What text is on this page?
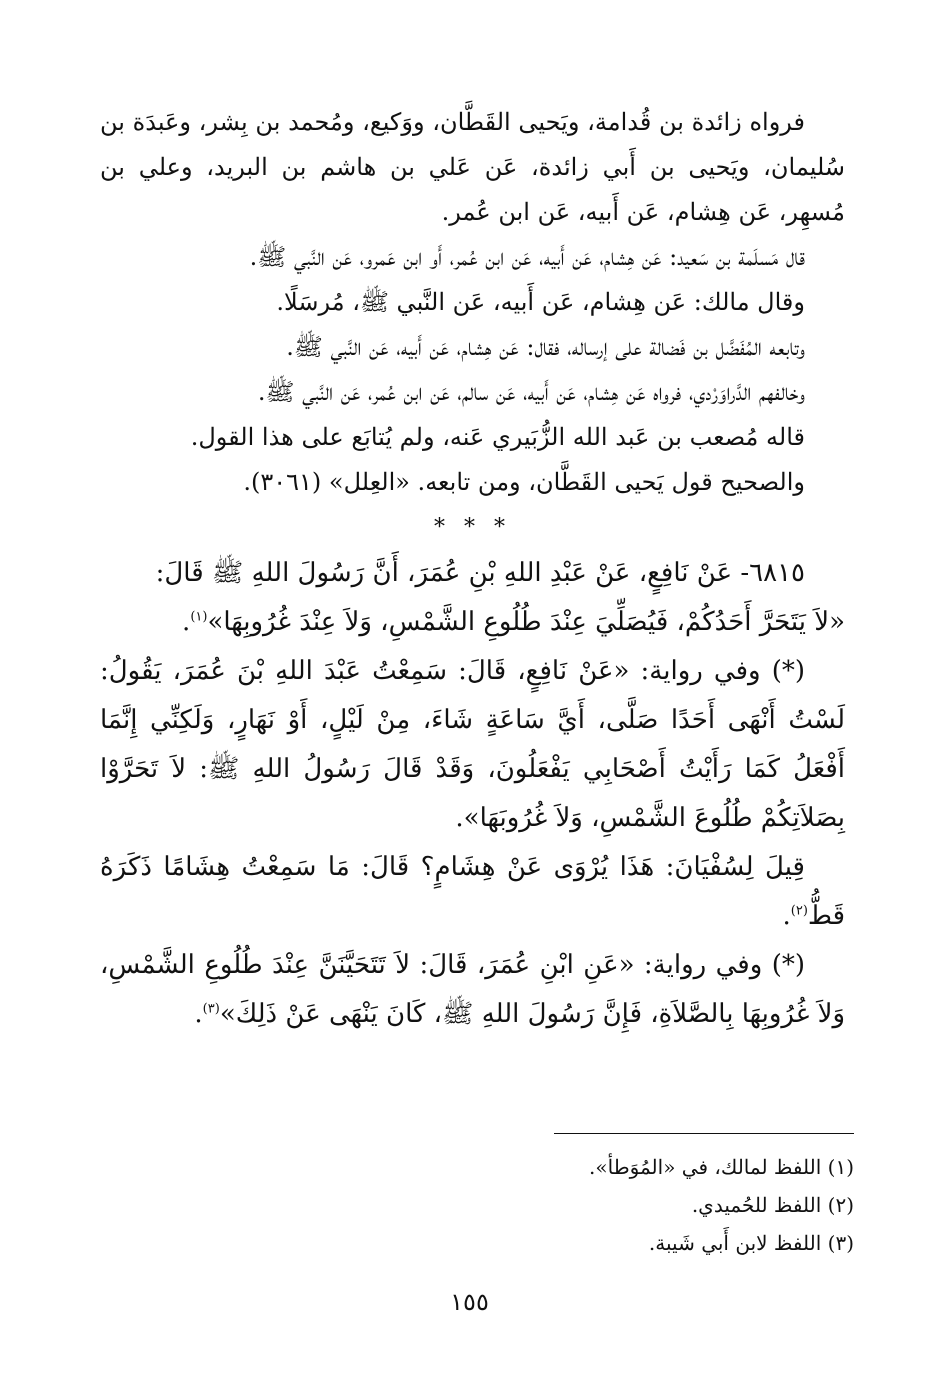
فرواه زائدة بن قُدامة، ويَحيى القَطَّان، ووَكيع، ومُحمد بن بِشر، وعَبدَة بن سُليمان، ويَحيى بن أَبي زائدة، عَن عَلي بن هاشم بن البريد، وعلي بن مُسهِر، عَن هِشام، عَن أَبيه، عَن ابن عُمر.

قال مَسلَمة بن سَعيد: عَن هِشام، عَن أَبيه، عَن ابن عُمر، أَو ابن عَمرو، عَن النَّبي ﷺ.

وقال مالك: عَن هِشام، عَن أَبيه، عَن النَّبي ﷺ، مُرسَلًا.

وتابعه المُفَضَّل بن فَضالة على إرساله، فقال: عَن هِشام، عَن أَبيه، عَن النَّبي ﷺ.

وخالفهم الدَّراوَرْدي، فرواه عَن هِشام، عَن أَبيه، عَن سالم، عَن ابن عُمر، عَن النَّبي ﷺ.

قاله مُصعب بن عَبد الله الزُّبَيري عَنه، ولم يُتابَع على هذا القول.

والصحيح قول يَحيى القَطَّان، ومن تابعه. «العِلل» (٣٠٦١).

* * *

٦٨١٥- عَنْ نَافِعٍ، عَنْ عَبْدِ اللهِ بْنِ عُمَرَ، أَنَّ رَسُولَ اللهِ ﷺ قَالَ:

«لاَ يَتَحَرَّ أَحَدُكُمْ، فَيُصَلِّيَ عِنْدَ طُلُوعِ الشَّمْسِ، وَلاَ عِنْدَ غُرُوبِهَا»$^{(١)}$.

(*) وفي رواية: «عَنْ نَافِعٍ، قَالَ: سَمِعْتُ عَبْدَ اللهِ بْنَ عُمَرَ، يَقُولُ: لَسْتُ أَنْهَى أَحَدًا صَلَّى، أَيَّ سَاعَةٍ شَاءَ، مِنْ لَيْلٍ، أَوْ نَهَارٍ، وَلَكِنِّي إِنَّمَا أَفْعَلُ كَمَا رَأَيْتُ أَصْحَابِي يَفْعَلُونَ، وَقَدْ قَالَ رَسُولُ اللهِ ﷺ: لاَ تَحَرَّوْا بِصَلاَتِكُمْ طُلُوعَ الشَّمْسِ، وَلاَ غُرُوبَهَا».

قِيلَ لِسُفْيَانَ: هَذَا يُرْوَى عَنْ هِشَامٍ؟ قَالَ: مَا سَمِعْتُ هِشَامًا ذَكَرَهُ قَطُّ$^{(٢)}$.

(*) وفي رواية: «عَنِ ابْنِ عُمَرَ، قَالَ: لاَ تَتَحَيَّنَنَّ عِنْدَ طُلُوعِ الشَّمْسِ، وَلاَ غُرُوبِهَا بِالصَّلاَةِ، فَإِنَّ رَسُولَ اللهِ ﷺ، كَانَ يَنْهَى عَنْ ذَلِكَ»$^{(٣)}$.

(١) اللفظ لمالك، في «المُوَطأ».

(٢) اللفظ للحُميدي.

(٣) اللفظ لابن أَبي شَيبة.

١٥٥
